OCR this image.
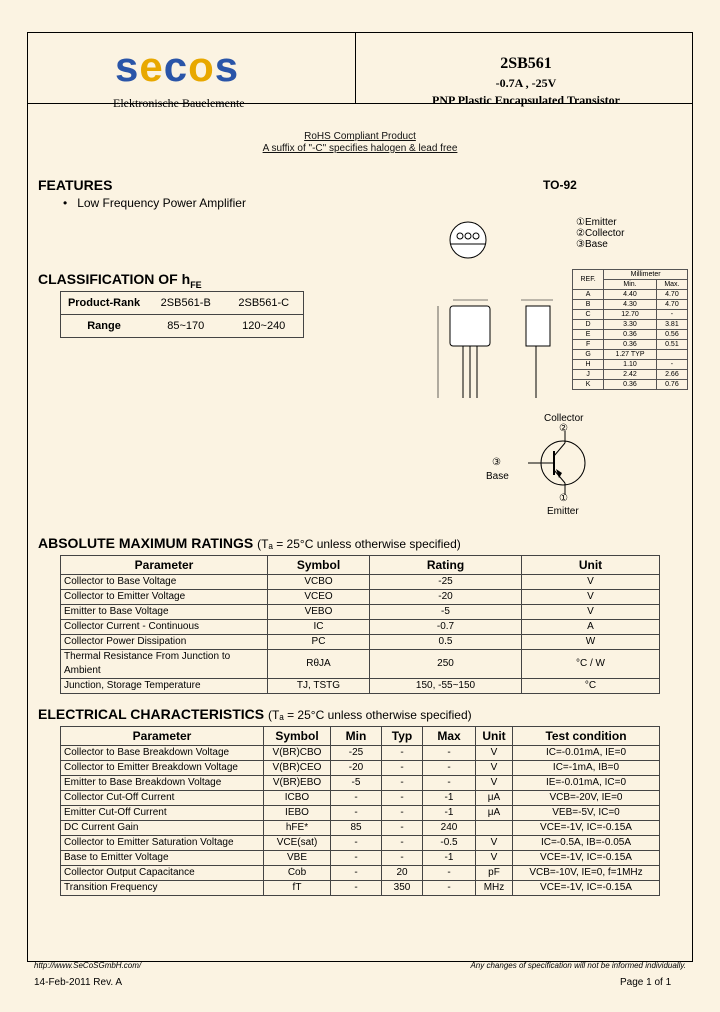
secos
Elektronische Bauelemente
2SB561
-0.7A , -25V
PNP Plastic Encapsulated Transistor
RoHS Compliant Product
A suffix of "-C" specifies halogen & lead free
FEATURES
•   Low Frequency Power Amplifier
TO-92
CLASSIFICATION OF $h_{FE}$
Product-Rank	2SB561-B	2SB561-C
Range	85~170	120~240
①Emitter
②Collector
③Base
REF.	Millimeter	
	Min.	Max.
A	4.40	4.70
B	4.30	4.70
C	12.70	-
D	3.30	3.81
E	0.36	0.56
F	0.36	0.51
G	1.27 TYP	
H	1.10	-
J	2.42	2.66
K	0.36	0.76
Collector
②
③
Base
①
Emitter
ABSOLUTE MAXIMUM RATINGS (Tₐ = 25°C unless otherwise specified)
Parameter	Symbol	Rating	Unit
Collector to Base Voltage	VCBO	-25	V
Collector to Emitter Voltage	VCEO	-20	V
Emitter to Base Voltage	VEBO	-5	V
Collector Current - Continuous	IC	-0.7	A
Collector Power Dissipation	PC	0.5	W
Thermal Resistance From Junction to Ambient	RθJA	250	°C / W
Junction, Storage Temperature	TJ, TSTG	150, -55~150	°C
ELECTRICAL CHARACTERISTICS (Tₐ = 25°C unless otherwise specified)
Parameter	Symbol	Min	Typ	Max	Unit	Test condition
Collector to Base Breakdown Voltage	V(BR)CBO	-25	-	-	V	IC=-0.01mA, IE=0
Collector to Emitter Breakdown Voltage	V(BR)CEO	-20	-	-	V	IC=-1mA, IB=0
Emitter to Base Breakdown Voltage	V(BR)EBO	-5	-	-	V	IE=-0.01mA, IC=0
Collector Cut-Off Current	ICBO	-	-	-1	μA	VCB=-20V, IE=0
Emitter Cut-Off Current	IEBO	-	-	-1	μA	VEB=-5V, IC=0
DC Current Gain	hFE*	85	-	240		VCE=-1V, IC=-0.15A
Collector to Emitter Saturation Voltage	VCE(sat)	-	-	-0.5	V	IC=-0.5A, IB=-0.05A
Base to Emitter Voltage	VBE	-	-	-1	V	VCE=-1V, IC=-0.15A
Collector Output Capacitance	Cob	-	20	-	pF	VCB=-10V, IE=0, f=1MHz
Transition Frequency	fT	-	350	-	MHz	VCE=-1V, IC=-0.15A
http://www.SeCoSGmbH.com/	Any changes of specification will not be informed individually.
14-Feb-2011 Rev. A	Page 1 of 1
